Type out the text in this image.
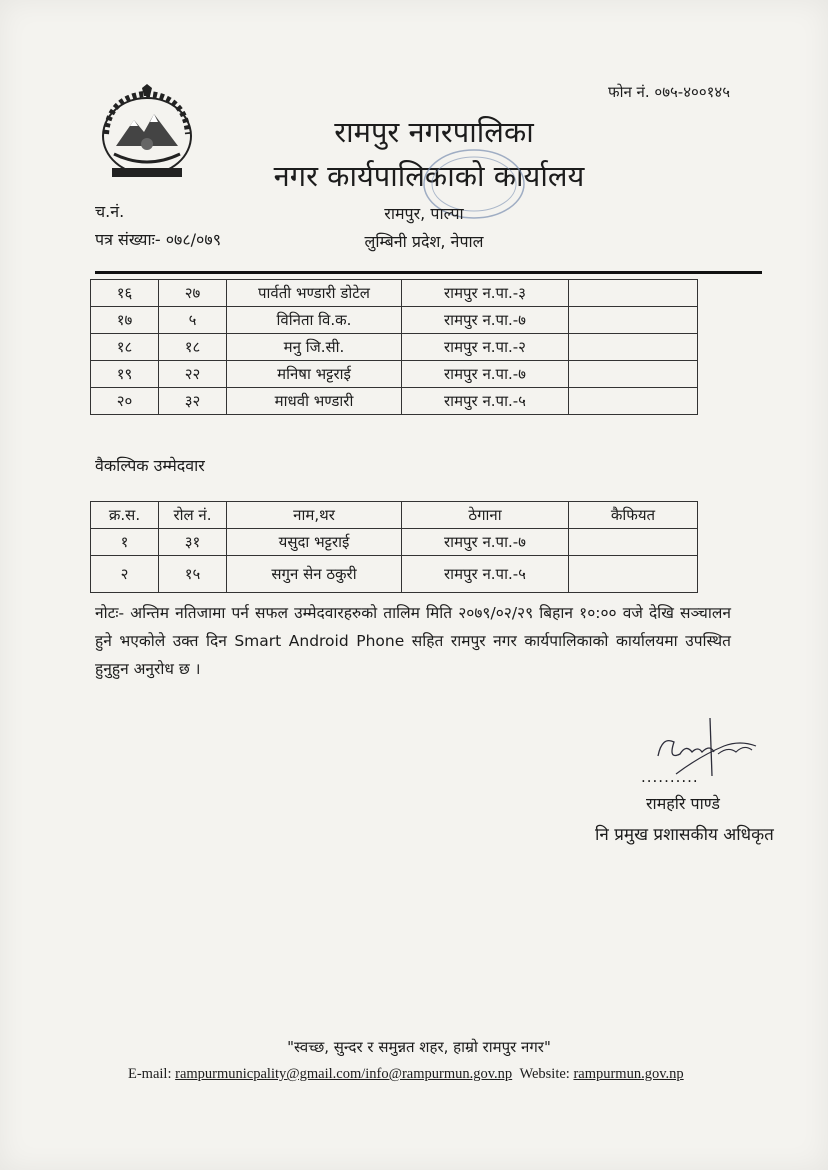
फोन नं. ०७५-४००१४५
रामपुर नगरपालिका
नगर कार्यपालिकाको कार्यालय
रामपुर, पाल्पा
लुम्बिनी प्रदेश, नेपाल
च.नं.
पत्र संख्याः- ०७८/०७९
१६	२७	पार्वती भण्डारी डोटेल	रामपुर न.पा.-३	
१७	५	विनिता वि.क.	रामपुर न.पा.-७	
१८	१८	मनु जि.सी.	रामपुर न.पा.-२	
१९	२२	मनिषा भट्टराई	रामपुर न.पा.-७	
२०	३२	माधवी भण्डारी	रामपुर न.पा.-५	
वैकल्पिक उम्मेदवार
क्र.स.	रोल नं.	नाम,थर	ठेगाना	कैफियत
१	३१	यसुदा भट्टराई	रामपुर न.पा.-७	
२	१५	सगुन सेन ठकुरी	रामपुर न.पा.-५	
नोटः- अन्तिम नतिजामा पर्न सफल उम्मेदवारहरुको तालिम मिति २०७९/०२/२९ बिहान १०:०० वजे देखि सञ्चालन हुने भएकोले उक्त दिन Smart Android Phone सहित रामपुर नगर कार्यपालिकाको कार्यालयमा उपस्थित हुनुहुन अनुरोध छ ।
..........
रामहरि पाण्डे
नि प्रमुख प्रशासकीय अधिकृत
"स्वच्छ, सुन्दर र समुन्नत शहर, हाम्रो रामपुर नगर"
E-mail: rampurmunicpality@gmail.com/info@rampurmun.gov.np Website: rampurmun.gov.np
